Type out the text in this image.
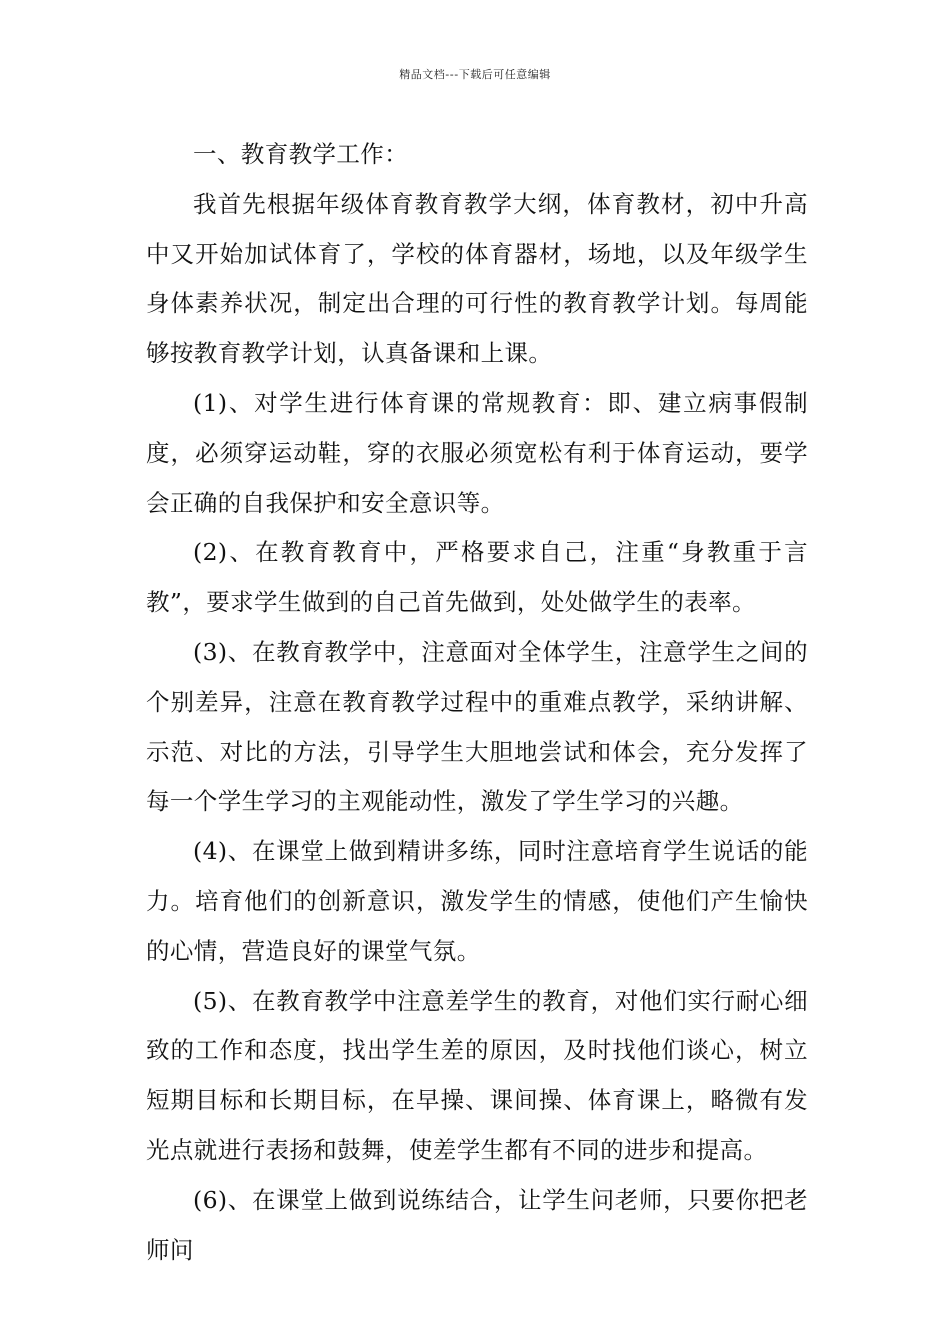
精品文档---下载后可任意编辑

一、教育教学工作：

我首先根据年级体育教育教学大纲，体育教材，初中升高中又开始加试体育了，学校的体育器材，场地，以及年级学生身体素养状况，制定出合理的可行性的教育教学计划。每周能够按教育教学计划，认真备课和上课。

(1)、对学生进行体育课的常规教育：即、建立病事假制度，必须穿运动鞋，穿的衣服必须宽松有利于体育运动，要学会正确的自我保护和安全意识等。

(2)、在教育教育中，严格要求自己，注重“身教重于言教”，要求学生做到的自己首先做到，处处做学生的表率。

(3)、在教育教学中，注意面对全体学生，注意学生之间的个别差异，注意在教育教学过程中的重难点教学，采纳讲解、示范、对比的方法，引导学生大胆地尝试和体会，充分发挥了每一个学生学习的主观能动性，激发了学生学习的兴趣。

(4)、在课堂上做到精讲多练，同时注意培育学生说话的能力。培育他们的创新意识，激发学生的情感，使他们产生愉快的心情，营造良好的课堂气氛。

(5)、在教育教学中注意差学生的教育，对他们实行耐心细致的工作和态度，找出学生差的原因，及时找他们谈心，树立短期目标和长期目标，在早操、课间操、体育课上，略微有发光点就进行表扬和鼓舞，使差学生都有不同的进步和提高。

(6)、在课堂上做到说练结合，让学生问老师，只要你把老师问
